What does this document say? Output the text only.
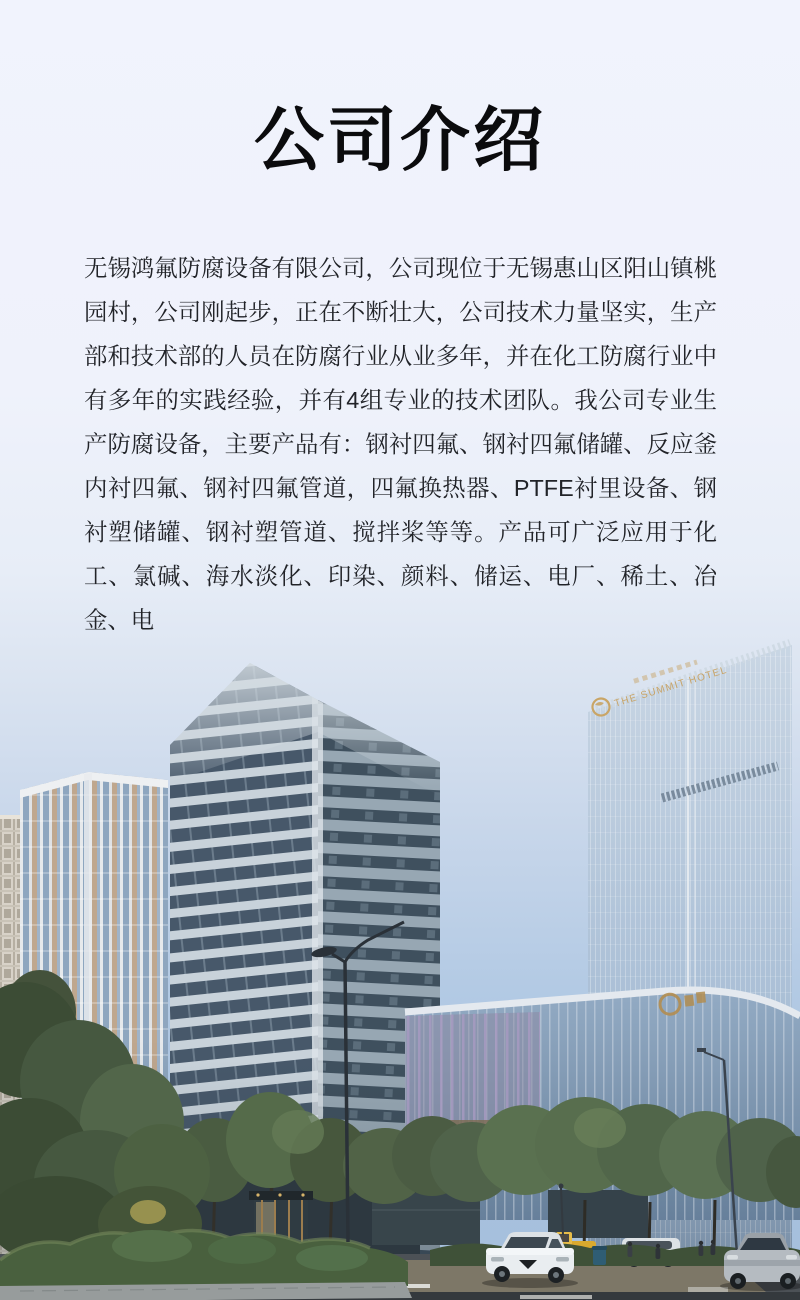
公司介绍

无锡鸿氟防腐设备有限公司，公司现位于无锡惠山区阳山镇桃园村，公司刚起步，正在不断壮大，公司技术力量坚实，生产部和技术部的人员在防腐行业从业多年，并在化工防腐行业中有多年的实践经验，并有4组专业的技术团队。我公司专业生产防腐设备，主要产品有：钢衬四氟、钢衬四氟储罐、反应釜内衬四氟、钢衬四氟管道，四氟换热器、PTFE衬里设备、钢衬塑储罐、钢衬塑管道、搅拌桨等等。产品可广泛应用于化工、氯碱、海水淡化、印染、颜料、储运、电厂、稀土、冶金、电

THE SUMMIT HOTEL
